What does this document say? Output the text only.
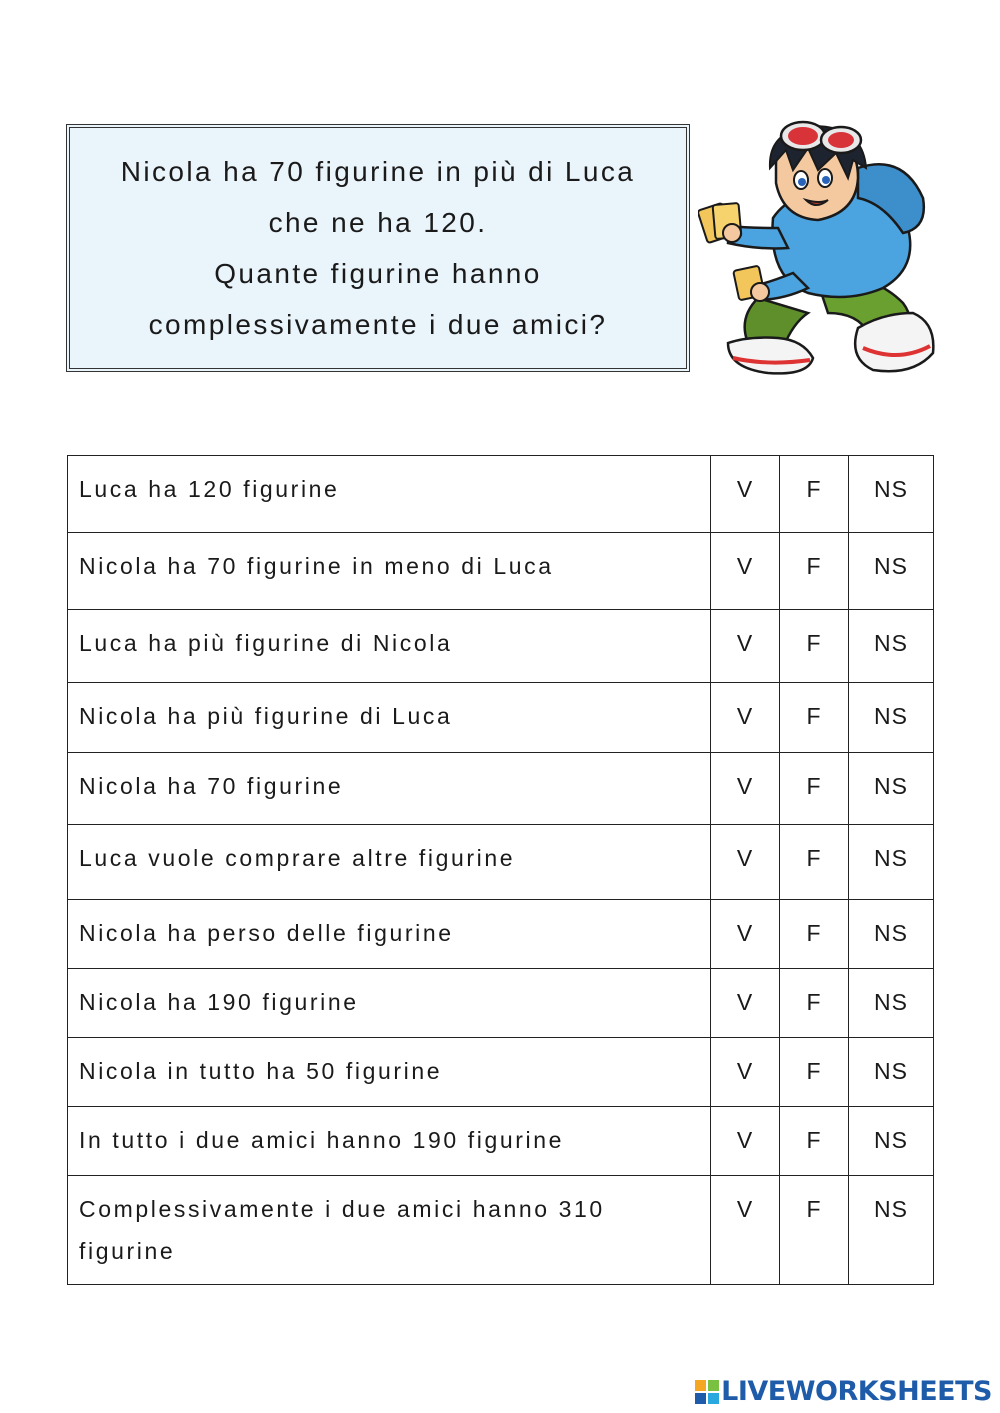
Nicola ha 70 figurine in più di Luca
che ne ha 120.
Quante figurine hanno
complessivamente i due amici?
Luca ha 120 figurine	V	F	NS
Nicola ha 70 figurine in meno di Luca	V	F	NS
Luca ha più figurine di Nicola	V	F	NS
Nicola ha più figurine di Luca	V	F	NS
Nicola ha 70 figurine	V	F	NS
Luca vuole comprare altre figurine	V	F	NS
Nicola ha perso delle figurine	V	F	NS
Nicola ha 190 figurine	V	F	NS
Nicola in tutto ha 50 figurine	V	F	NS
In tutto i due amici hanno 190 figurine	V	F	NS
Complessivamente i due amici hanno 310 figurine	V	F	NS
LIVEWORKSHEETS
